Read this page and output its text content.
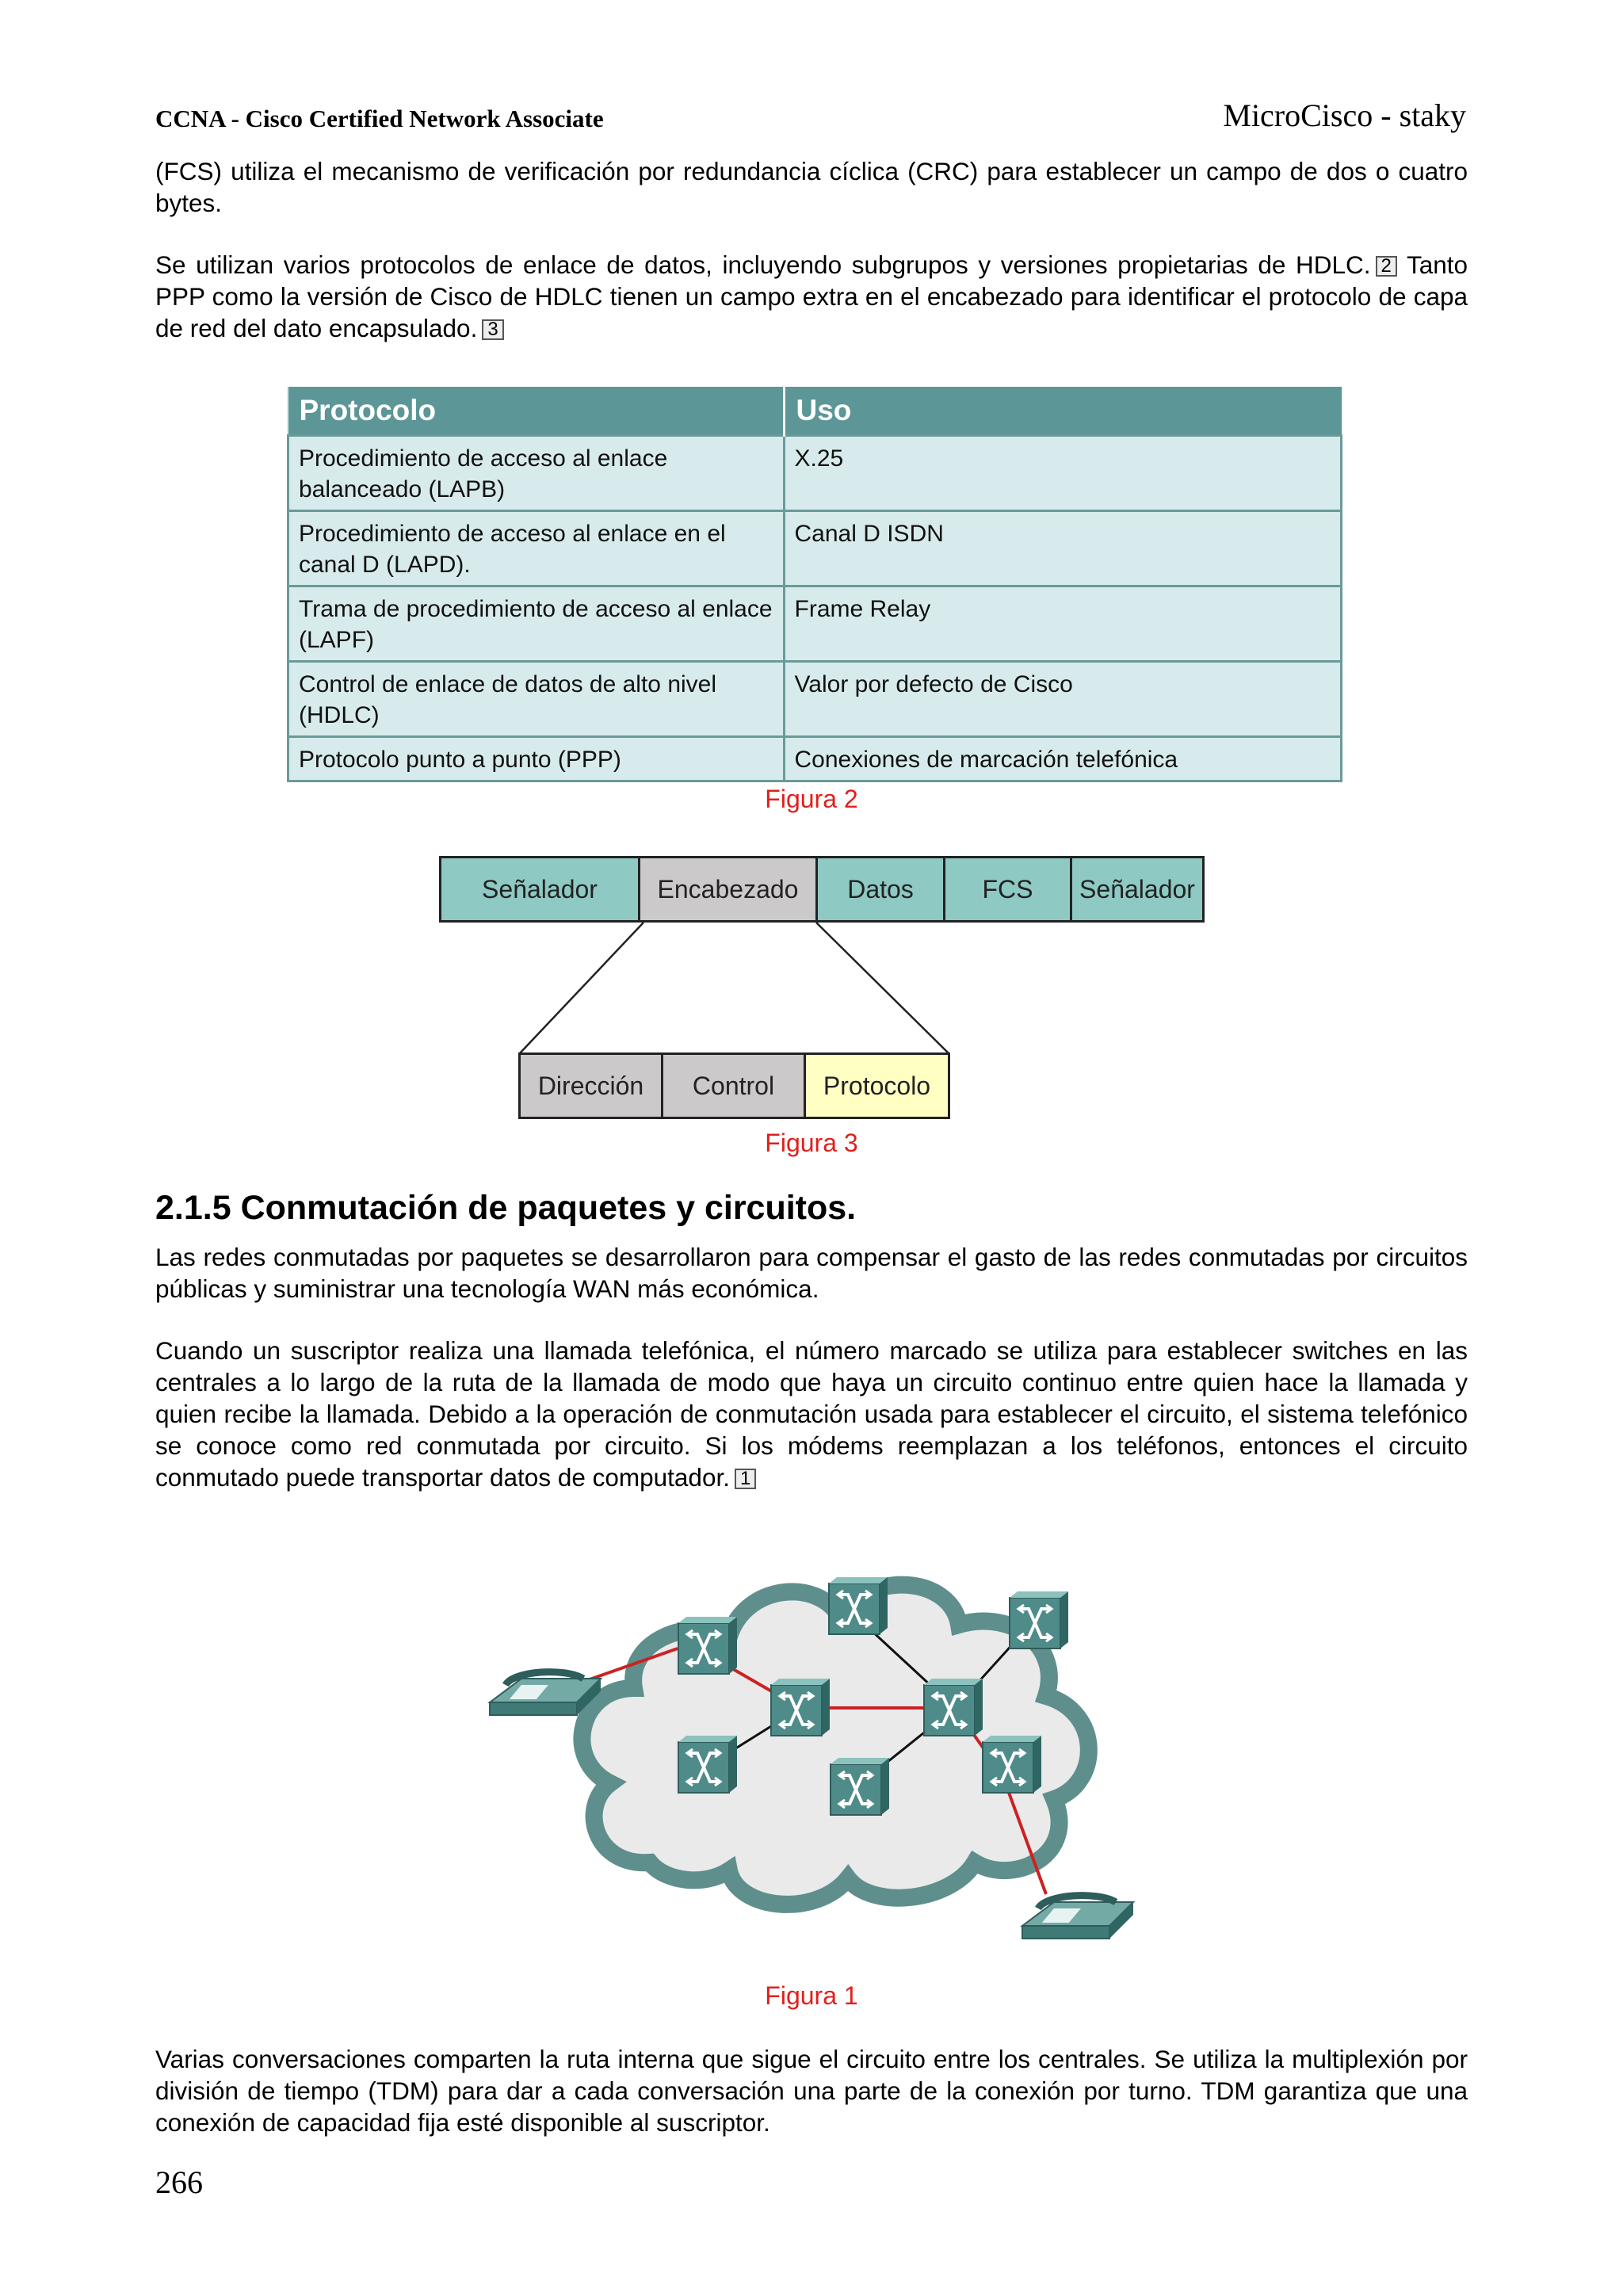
CCNA - Cisco Certified Network Associate	MicroCisco - staky
(FCS) utiliza el mecanismo de verificación por redundancia cíclica (CRC) para establecer un campo de dos o cuatro bytes.
Se utilizan varios protocolos de enlace de datos, incluyendo subgrupos y versiones propietarias de HDLC. 2 Tanto PPP como la versión de Cisco de HDLC tienen un campo extra en el encabezado para identificar el protocolo de capa de red del dato encapsulado. 3
Protocolo	Uso
Procedimiento de acceso al enlace balanceado (LAPB)	X.25
Procedimiento de acceso al enlace en el canal D (LAPD).	Canal D ISDN
Trama de procedimiento de acceso al enlace (LAPF)	Frame Relay
Control de enlace de datos de alto nivel (HDLC)	Valor por defecto de Cisco
Protocolo punto a punto (PPP)	Conexiones de marcación telefónica
Figura 2
Señalador	Encabezado	Datos	FCS	Señalador
Dirección	Control	Protocolo
Figura 3
2.1.5 Conmutación de paquetes y circuitos.
Las redes conmutadas por paquetes se desarrollaron para compensar el gasto de las redes conmutadas por circuitos públicas y suministrar una tecnología WAN más económica.
Cuando un suscriptor realiza una llamada telefónica, el número marcado se utiliza para establecer switches en las centrales a lo largo de la ruta de la llamada de modo que haya un circuito continuo entre quien hace la llamada y quien recibe la llamada. Debido a la operación de conmutación usada para establecer el circuito, el sistema telefónico se conoce como red conmutada por circuito. Si los módems reemplazan a los teléfonos, entonces el circuito conmutado puede transportar datos de computador. 1
Figura 1
Varias conversaciones comparten la ruta interna que sigue el circuito entre los centrales. Se utiliza la multiplexión por división de tiempo (TDM) para dar a cada conversación una parte de la conexión por turno. TDM garantiza que una conexión de capacidad fija esté disponible al suscriptor.
266
